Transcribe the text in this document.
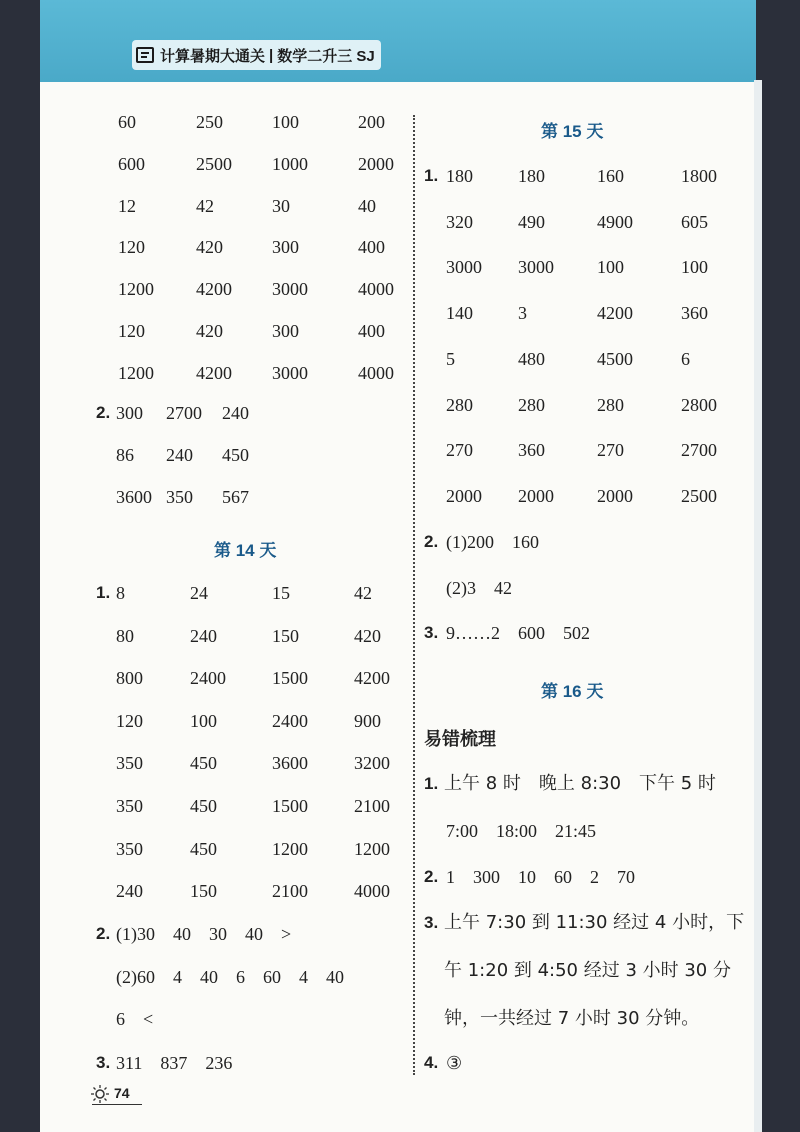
计算暑期大通关 | 数学二升三 SJ
60	250	100	200
600	2500 1000	2000
12	42	30	40
120	420	300	400
1200 4200 3000	4000
120	420	300	400
1200 4200 3000	4000
2. 300 2700 240
86 240 450
3600 350 567
第 14 天
1. 8	24	15	42
80	240	150	420
800	2400	1500	4200
120	100	2400	900
350	450	3600	3200
350	450	1500	2100
350	450	1200	1200
240	150	2100	4000
2. (1)30　40　30　40　>
(2)60　4　40　6　60　4　40
6　<
3. 311　837　236
第 15 天
1. 180	180	160	1800
320	490	4900	605
3000 3000 100	100
140	3	4200	360
5	480	4500	6
280	280	280	2800
270	360	270	2700
2000 2000 2000	2500
2. (1)200　160
(2)3　42
3. 9……2　600　502
第 16 天
易错梳理
1. 上午 8 时　晚上 8:30　下午 5 时
7:00　18:00　21:45
2. 1　300　10　60　2　70
3. 上午 7:30 到 11:30 经过 4 小时，下
午 1:20 到 4:50 经过 3 小时 30 分
钟，一共经过 7 小时 30 分钟。
4. ③
74
